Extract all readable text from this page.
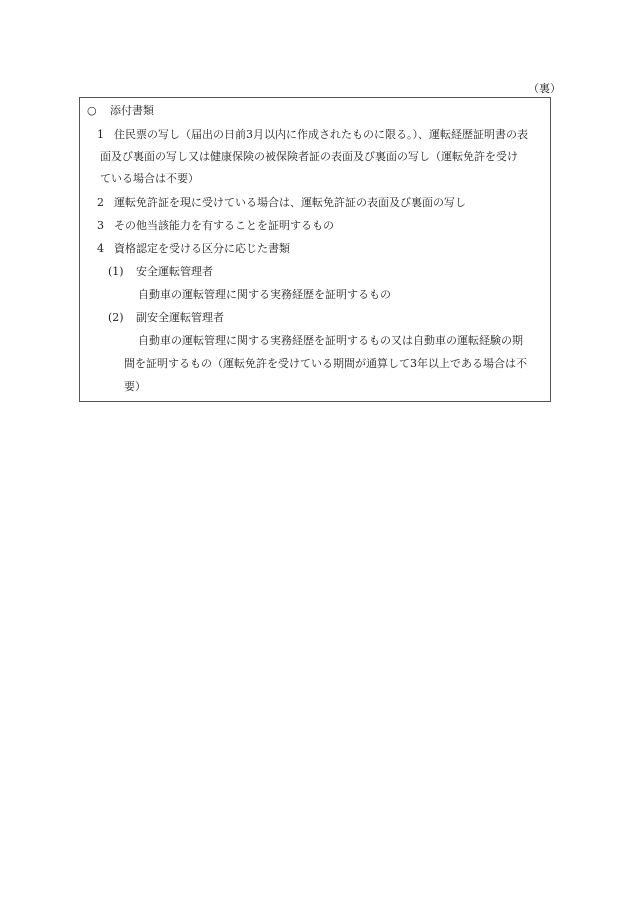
（裏）
○ 添付書類
1 住民票の写し（届出の日前3月以内に作成されたものに限る。）、運転経歴証明書の表
面及び裏面の写し又は健康保険の被保険者証の表面及び裏面の写し（運転免許を受け
ている場合は不要）
2 運転免許証を現に受けている場合は、運転免許証の表面及び裏面の写し
3 その他当該能力を有することを証明するもの
4 資格認定を受ける区分に応じた書類
(1) 安全運転管理者
自動車の運転管理に関する実務経歴を証明するもの
(2) 副安全運転管理者
自動車の運転管理に関する実務経歴を証明するもの又は自動車の運転経験の期
間を証明するもの（運転免許を受けている期間が通算して3年以上である場合は不
要）
